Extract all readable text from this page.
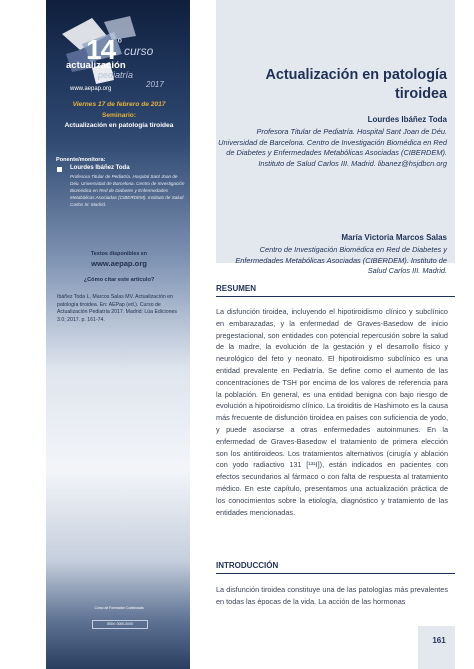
14 º
curso
actualización
pediatría
www.aepap.org	2017
Viernes 17 de febrero de 2017
Seminario:
Actualización en patología tiroidea
Ponente/monitora:
Lourdes Ibáñez Toda
Profesora Titular de Pediatría. Hospital Sant Joan de Déu. Universidad de Barcelona. Centro de Investigación Biomédica en Red de Diabetes y Enfermedades Metabólicas Asociadas (CIBERDEM). Instituto de Salud Carlos III. Madrid.
Textos disponibles en
www.aepap.org
¿Cómo citar este artículo?
Ibáñez Toda L, Marcos Salas MV. Actualización en patología tiroidea. En: AEPap (ed.). Curso de Actualización Pediatría 2017. Madrid: Lúa Ediciones 3.0; 2017. p. 161-74.
Curso de Formación Continuada
ISSN: 0000-000X
Actualización en patología tiroidea
Lourdes Ibáñez Toda
Profesora Titular de Pediatría. Hospital Sant Joan de Déu. Universidad de Barcelona. Centro de Investigación Biomédica en Red de Diabetes y Enfermedades Metabólicas Asociadas (CIBERDEM). Instituto de Salud Carlos III. Madrid. libanez@hsjdbcn.org
María Victoria Marcos Salas
Centro de Investigación Biomédica en Red de Diabetes y Enfermedades Metabólicas Asociadas (CIBERDEM). Instituto de Salud Carlos III. Madrid.
RESUMEN
La disfunción tiroidea, incluyendo el hipotiroidismo clínico y subclínico en embarazadas, y la enfermedad de Graves-Basedow de inicio pregestacional, son entidades con potencial repercusión sobre la salud de la madre, la evolución de la gestación y el desarrollo físico y neurológico del feto y neonato. El hipotiroidismo subclínico es una entidad prevalente en Pediatría. Se define como el aumento de las concentraciones de TSH por encima de los valores de referencia para la población. En general, es una entidad benigna con bajo riesgo de evolución a hipotiroidismo clínico. La tiroiditis de Hashimoto es la causa más frecuente de disfunción tiroidea en países con suficiencia de yodo, y puede asociarse a otras enfermedades autoinmunes. En la enfermedad de Graves-Basedow el tratamiento de primera elección son los antitiroideos. Los tratamientos alternativos (cirugía y ablación con yodo radiactivo 131 [¹³¹I]), están indicados en pacientes con efectos secundarios al fármaco o con falta de respuesta al tratamiento médico. En este capítulo, presentamos una actualización práctica de los conocimientos sobre la etiología, diagnóstico y tratamiento de las entidades mencionadas.
INTRODUCCIÓN
La disfunción tiroidea constituye una de las patologías más prevalentes en todas las épocas de la vida. La acción de las hormonas
161
